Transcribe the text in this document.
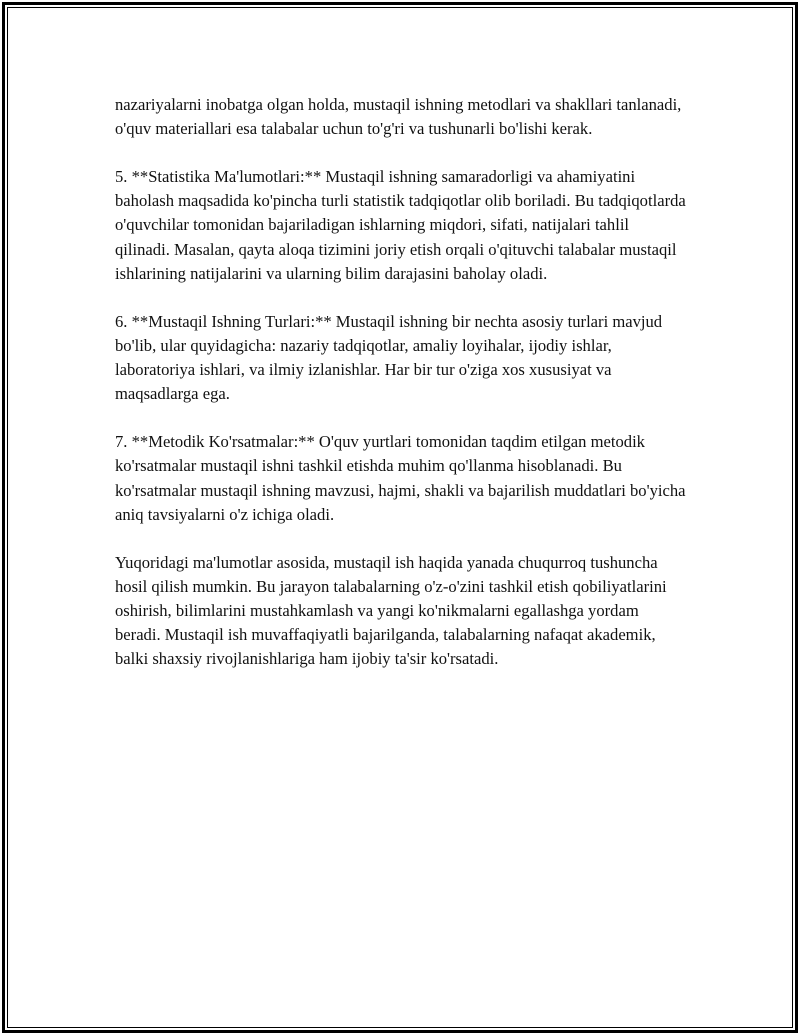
nazariyalarni inobatga olgan holda, mustaqil ishning metodlari va shakllari tanlanadi, o'quv materiallari esa talabalar uchun to'g'ri va tushunarli bo'lishi kerak.

5. **Statistika Ma'lumotlari:** Mustaqil ishning samaradorligi va ahamiyatini baholash maqsadida ko'pincha turli statistik tadqiqotlar olib boriladi. Bu tadqiqotlarda o'quvchilar tomonidan bajariladigan ishlarning miqdori, sifati, natijalari tahlil qilinadi. Masalan, qayta aloqa tizimini joriy etish orqali o'qituvchi talabalar mustaqil ishlarining natijalarini va ularning bilim darajasini baholay oladi.

6. **Mustaqil Ishning Turlari:** Mustaqil ishning bir nechta asosiy turlari mavjud bo'lib, ular quyidagicha: nazariy tadqiqotlar, amaliy loyihalar, ijodiy ishlar, laboratoriya ishlari, va ilmiy izlanishlar. Har bir tur o'ziga xos xususiyat va maqsadlarga ega.

7. **Metodik Ko'rsatmalar:** O'quv yurtlari tomonidan taqdim etilgan metodik ko'rsatmalar mustaqil ishni tashkil etishda muhim qo'llanma hisoblanadi. Bu ko'rsatmalar mustaqil ishning mavzusi, hajmi, shakli va bajarilish muddatlari bo'yicha aniq tavsiyalarni o'z ichiga oladi.

Yuqoridagi ma'lumotlar asosida, mustaqil ish haqida yanada chuqurroq tushuncha hosil qilish mumkin. Bu jarayon talabalarning o'z-o'zini tashkil etish qobiliyatlarini oshirish, bilimlarini mustahkamlash va yangi ko'nikmalarni egallashga yordam beradi. Mustaqil ish muvaffaqiyatli bajarilganda, talabalarning nafaqat akademik, balki shaxsiy rivojlanishlariga ham ijobiy ta'sir ko'rsatadi.
